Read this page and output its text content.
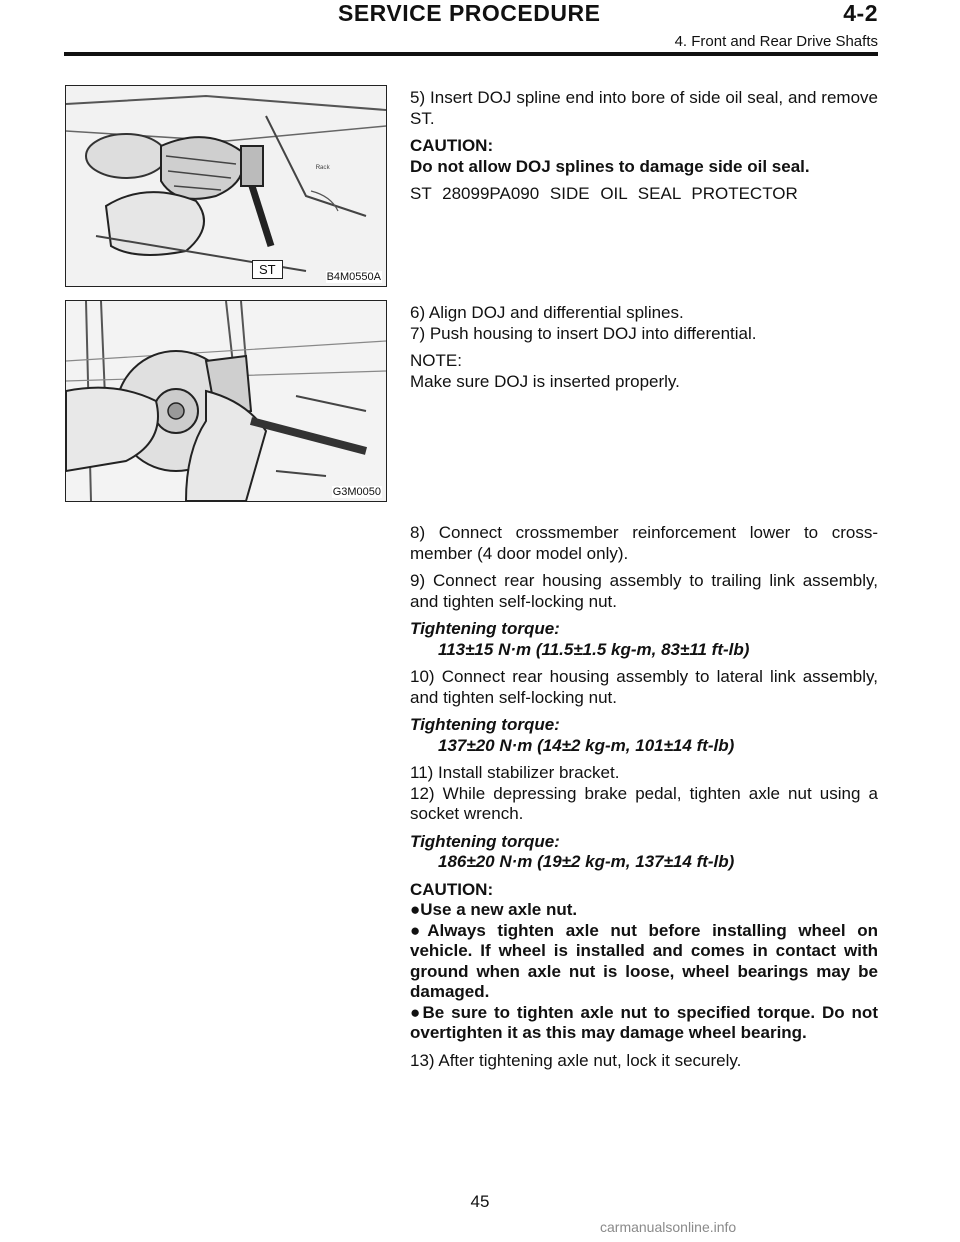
SERVICE PROCEDURE	4-2
4. Front and Rear Drive Shafts
ᴿᵃᶜᵏ
ST	B4M0550A
G3M0050

5) Insert DOJ spline end into bore of side oil seal, and remove ST.

CAUTION:

Do not allow DOJ splines to damage side oil seal.

ST 28099PA090 SIDE OIL SEAL PROTECTOR

6) Align DOJ and differential splines.

7) Push housing to insert DOJ into differential.

NOTE:

Make sure DOJ is inserted properly.

8) Connect crossmember reinforcement lower to cross-member (4 door model only).

9) Connect rear housing assembly to trailing link assembly, and tighten self-locking nut.

Tightening torque:

113±15 N·m (11.5±1.5 kg-m, 83±11 ft-lb)

10) Connect rear housing assembly to lateral link assembly, and tighten self-locking nut.

Tightening torque:

137±20 N·m (14±2 kg-m, 101±14 ft-lb)

11) Install stabilizer bracket.

12) While depressing brake pedal, tighten axle nut using a socket wrench.

Tightening torque:

186±20 N·m (19±2 kg-m, 137±14 ft-lb)

CAUTION:

●Use a new axle nut.

●Always tighten axle nut before installing wheel on vehicle. If wheel is installed and comes in contact with ground when axle nut is loose, wheel bearings may be damaged.

●Be sure to tighten axle nut to specified torque. Do not overtighten it as this may damage wheel bearing.

13) After tightening axle nut, lock it securely.

45
carmanualsonline.info
